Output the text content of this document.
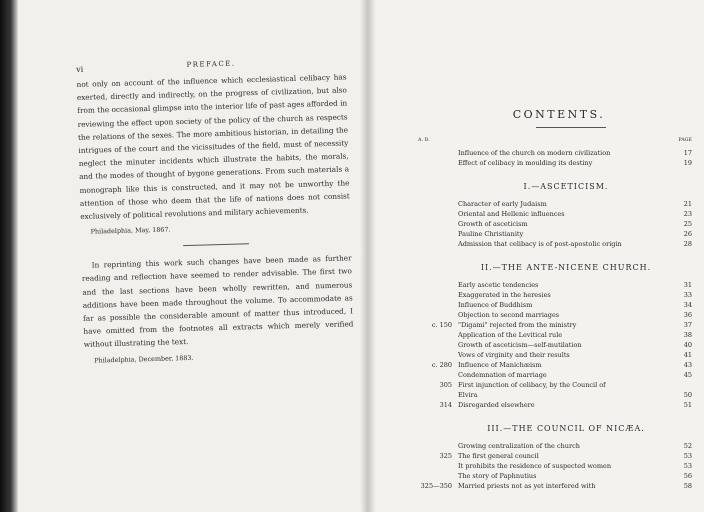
vi
PREFACE.

not only on account of the influence which ecclesiastical celibacy has exerted, directly and indirectly, on the progress of civilization, but also from the occasional glimpse into the interior life of past ages afforded in reviewing the effect upon society of the policy of the church as respects the relations of the sexes. The more ambitious historian, in detailing the intrigues of the court and the vicissitudes of the field, must of necessity neglect the minuter incidents which illustrate the habits, the morals, and the modes of thought of bygone generations. From such materials a monograph like this is constructed, and it may not be unworthy the attention of those who deem that the life of nations does not consist exclusively of political revolutions and military achievements.

Philadelphia, May, 1867.

In reprinting this work such changes have been made as further reading and reflection have seemed to render advisable. The first two and the last sections have been wholly rewritten, and numerous additions have been made throughout the volume. To accommodate as far as possible the considerable amount of matter thus introduced, I have omitted from the footnotes all extracts which merely verified without illustrating the text.

Philadelphia, December, 1883.
CONTENTS.
A. D.	PAGE
Influence of the church on modern civilization	17
Effect of celibacy in moulding its destiny	19
I.—ASCETICISM.
Character of early Judaism	21
Oriental and Hellenic influences	23
Growth of asceticism	25
Pauline Christianity	26
Admission that celibacy is of post-apostolic origin	28
II.—THE ANTE-NICENE CHURCH.
Early ascetic tendencies	31
Exaggerated in the heresies	33
Influence of Buddhism	34
Objection to second marriages	36
c. 150 "Digami" rejected from the ministry	37
Application of the Levitical rule	38
Growth of asceticism—self-mutilation	40
Vows of virginity and their results	41
c. 280 Influence of Manichæism	43
Condemnation of marriage	45
305 First injunction of celibacy, by the Council of
Elvira	50
314 Disregarded elsewhere	51
III.—THE COUNCIL OF NICÆA.
Growing centralization of the church	52
325 The first general council	53
It prohibits the residence of suspected women	53
The story of Paphnutius	56
325—350 Married priests not as yet interfered with	58
